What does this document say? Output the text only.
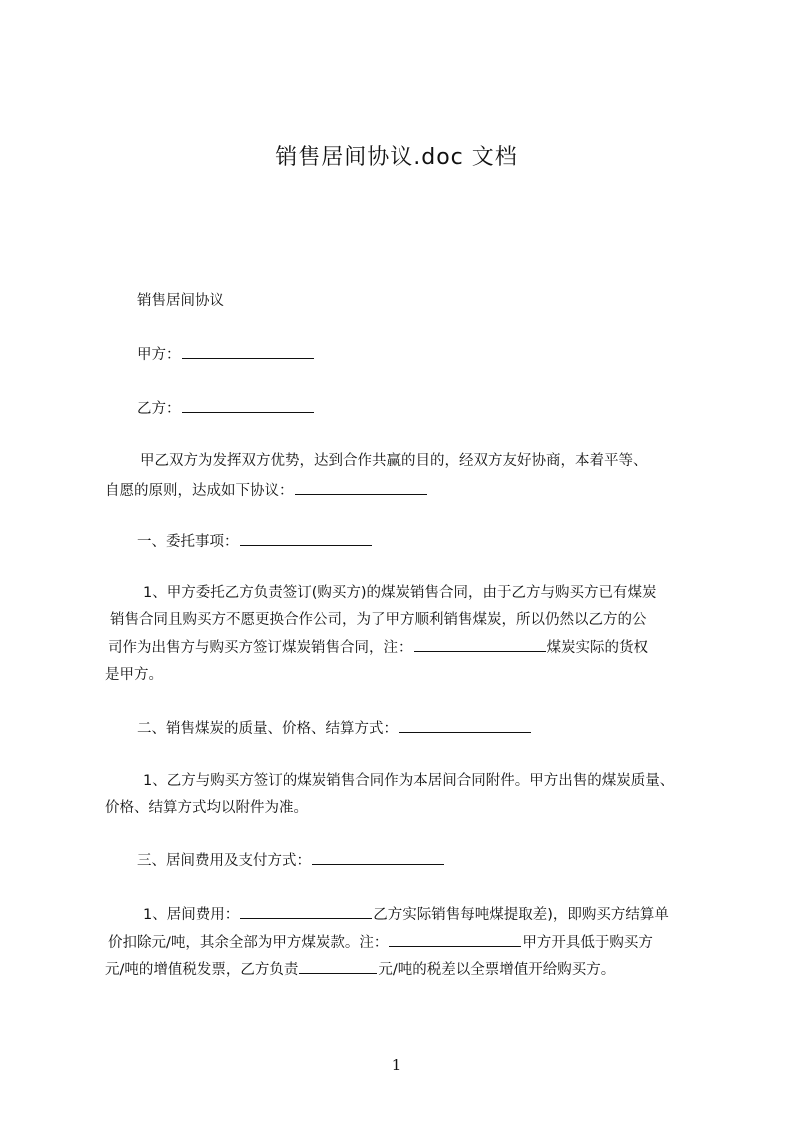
销售居间协议.doc 文档
销售居间协议
甲方：
乙方：
甲乙双方为发挥双方优势，达到合作共赢的目的，经双方友好协商，本着平等、
自愿的原则，达成如下协议：
一、委托事项：
1、甲方委托乙方负责签订(购买方)的煤炭销售合同，由于乙方与购买方已有煤炭
销售合同且购买方不愿更换合作公司，为了甲方顺利销售煤炭，所以仍然以乙方的公
司作为出售方与购买方签订煤炭销售合同，注：	煤炭实际的货权
是甲方。
二、销售煤炭的质量、价格、结算方式：
1、乙方与购买方签订的煤炭销售合同作为本居间合同附件。甲方出售的煤炭质量、
价格、结算方式均以附件为准。
三、居间费用及支付方式：
1、居间费用：	乙方实际销售每吨煤提取差)，即购买方结算单
价扣除元/吨，其余全部为甲方煤炭款。注：	甲方开具低于购买方
元/吨的增值税发票，乙方负责	元/吨的税差以全票增值开给购买方。
1
